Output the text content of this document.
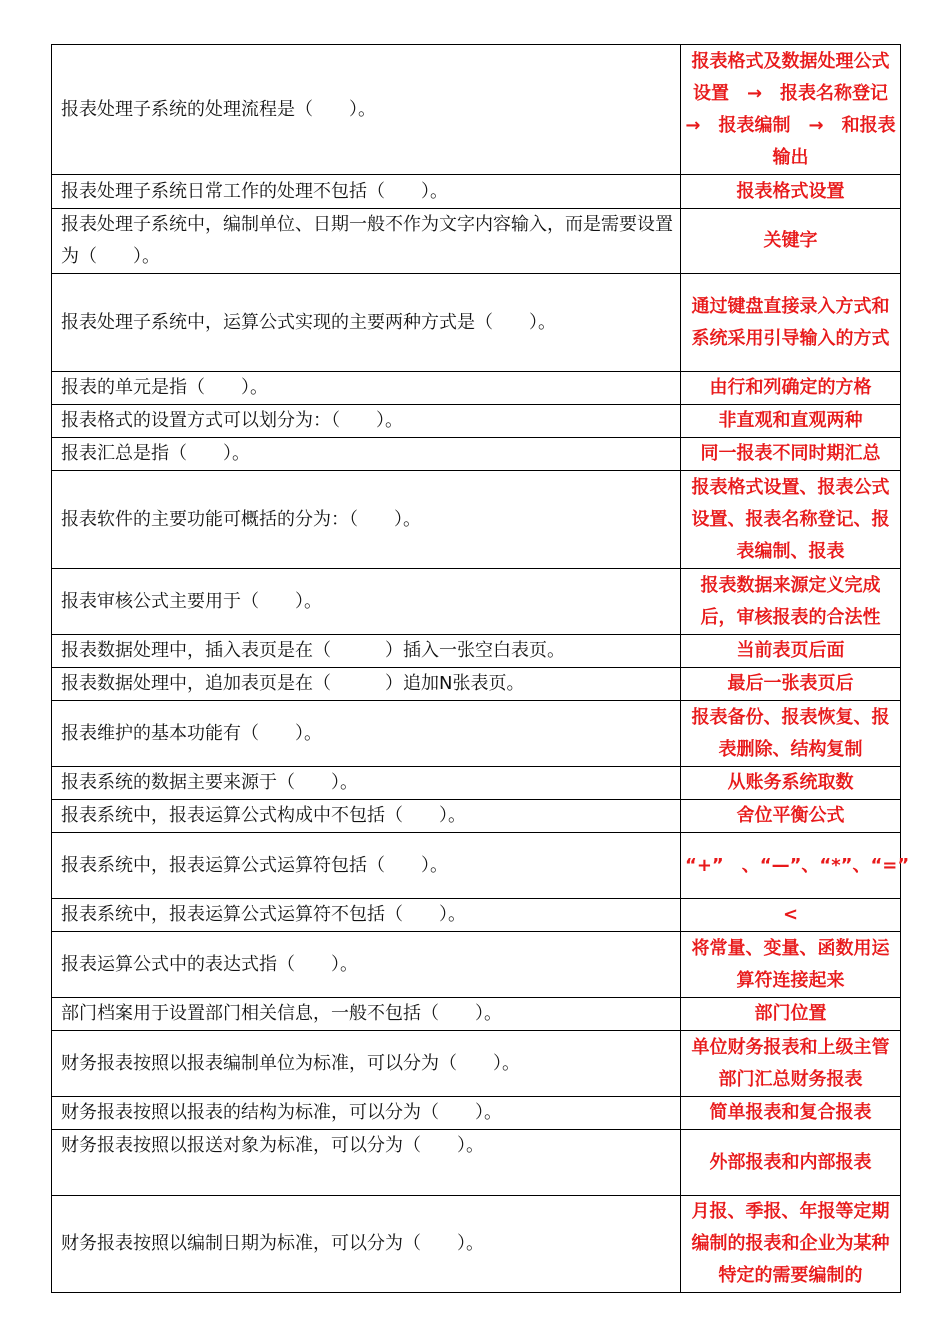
报表处理子系统的处理流程是（　　）。	报表格式及数据处理公式设置　→　报表名称登记　→　报表编制　→　和报表输出
报表处理子系统日常工作的处理不包括（　　）。	报表格式设置
报表处理子系统中，编制单位、日期一般不作为文字内容输入，而是需要设置为（　　）。	关键字
报表处理子系统中，运算公式实现的主要两种方式是（　　）。	通过键盘直接录入方式和系统采用引导输入的方式
报表的单元是指（　　）。	由行和列确定的方格
报表格式的设置方式可以划分为：（　　）。	非直观和直观两种
报表汇总是指（　　）。	同一报表不同时期汇总
报表软件的主要功能可概括的分为：（　　）。	报表格式设置、报表公式设置、报表名称登记、报表编制、报表
报表审核公式主要用于（　　）。	报表数据来源定义完成后，审核报表的合法性
报表数据处理中，插入表页是在（　　　）插入一张空白表页。	当前表页后面
报表数据处理中，追加表页是在（　　　）追加N张表页。	最后一张表页后
报表维护的基本功能有（　　）。	报表备份、报表恢复、报表删除、结构复制
报表系统的数据主要来源于（　　）。	从账务系统取数
报表系统中，报表运算公式构成中不包括（　　）。	舍位平衡公式
报表系统中，报表运算公式运算符包括（　　）。	“+”　、“—”、“*”、“=”
报表系统中，报表运算公式运算符不包括（　　）。	<
报表运算公式中的表达式指（　　）。	将常量、变量、函数用运算符连接起来
部门档案用于设置部门相关信息，一般不包括（　　）。	部门位置
财务报表按照以报表编制单位为标准，可以分为（　　）。	单位财务报表和上级主管部门汇总财务报表
财务报表按照以报表的结构为标准，可以分为（　　）。	简单报表和复合报表
财务报表按照以报送对象为标准，可以分为（　　）。	外部报表和内部报表
财务报表按照以编制日期为标准，可以分为（　　）。	月报、季报、年报等定期编制的报表和企业为某种特定的需要编制的
